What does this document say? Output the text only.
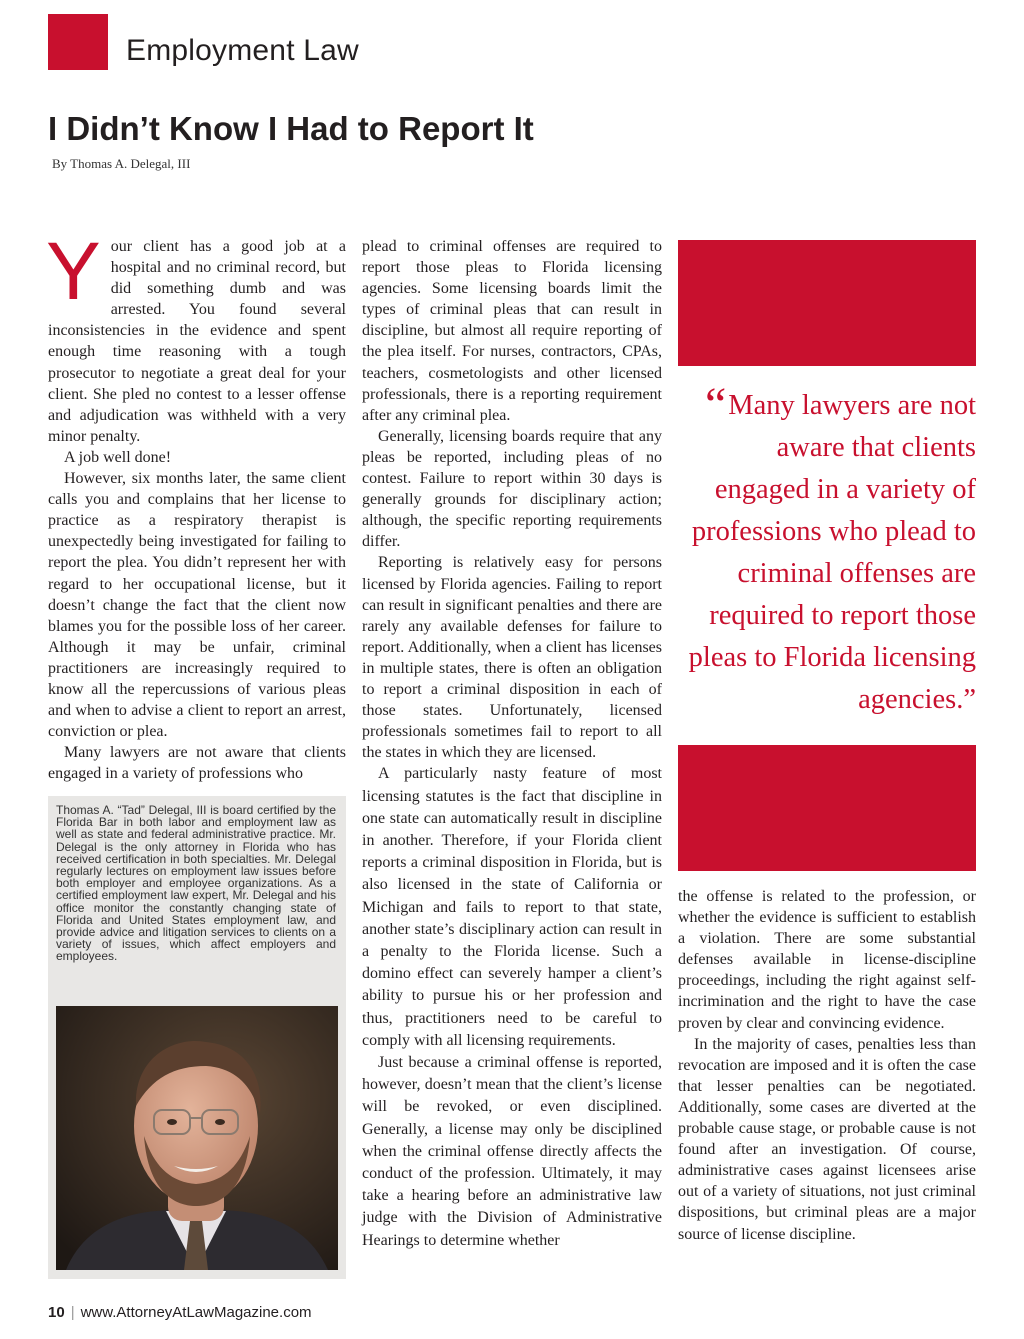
Employment Law
I Didn’t Know I Had to Report It
By Thomas A. Delegal, III
Y our client has a good job at a hospital and no criminal record, but did something dumb and was arrested. You found several inconsistencies in the evidence and spent enough time reasoning with a tough prosecutor to negotiate a great deal for your client. She pled no contest to a lesser offense and adjudication was withheld with a very minor penalty.

A job well done!

However, six months later, the same client calls you and complains that her license to practice as a respiratory therapist is unexpectedly being investigated for failing to report the plea. You didn’t represent her with regard to her occupational license, but it doesn’t change the fact that the client now blames you for the possible loss of her career. Although it may be unfair, criminal practitioners are increasingly required to know all the repercussions of various pleas and when to advise a client to report an arrest, conviction or plea.

Many lawyers are not aware that clients engaged in a variety of professions who

Thomas A. “Tad” Delegal, III is board certified by the Florida Bar in both labor and employment law as well as state and federal administrative practice. Mr. Delegal is the only attorney in Florida who has received certification in both specialties. Mr. Delegal regularly lectures on employment law issues before both employer and employee organizations. As a certified employment law expert, Mr. Delegal and his office monitor the constantly changing state of Florida and United States employment law, and provide advice and litigation services to clients on a variety of issues, which affect employers and employees.

plead to criminal offenses are required to report those pleas to Florida licensing agencies. Some licensing boards limit the types of criminal pleas that can result in discipline, but almost all require reporting of the plea itself. For nurses, contractors, CPAs, teachers, cosmetologists and other licensed professionals, there is a reporting requirement after any criminal plea.

Generally, licensing boards require that any pleas be reported, including pleas of no contest. Failure to report within 30 days is generally grounds for disciplinary action; although, the specific reporting requirements differ.

Reporting is relatively easy for persons licensed by Florida agencies. Failing to report can result in significant penalties and there are rarely any available defenses for failure to report. Additionally, when a client has licenses in multiple states, there is often an obligation to report a criminal disposition in each of those states. Unfortunately, licensed professionals sometimes fail to report to all the states in which they are licensed.

A particularly nasty feature of most licensing statutes is the fact that discipline in one state can automatically result in discipline in another. Therefore, if your Florida client reports a criminal disposition in Florida, but is also licensed in the state of California or Michigan and fails to report to that state, another state’s disciplinary action can result in a penalty to the Florida license. Such a domino effect can severely hamper a client’s ability to pursue his or her profession and thus, practitioners need to be careful to comply with all licensing requirements.

Just because a criminal offense is reported, however, doesn’t mean that the client’s license will be revoked, or even disciplined. Generally, a license may only be disciplined when the criminal offense directly affects the conduct of the profession. Ultimately, it may take a hearing before an administrative law judge with the Division of Administrative Hearings to determine whether

“Many lawyers are not aware that clients engaged in a variety of professions who plead to criminal offenses are required to report those pleas to Florida licensing agencies.”

the offense is related to the profession, or whether the evidence is sufficient to establish a violation. There are some substantial defenses available in license-discipline proceedings, including the right against self-incrimination and the right to have the case proven by clear and convincing evidence.

In the majority of cases, penalties less than revocation are imposed and it is often the case that lesser penalties can be negotiated. Additionally, some cases are diverted at the probable cause stage, or probable cause is not found after an investigation. Of course, administrative cases against licensees arise out of a variety of situations, not just criminal dispositions, but criminal pleas are a major source of license discipline.

10 | www.AttorneyAtLawMagazine.com
